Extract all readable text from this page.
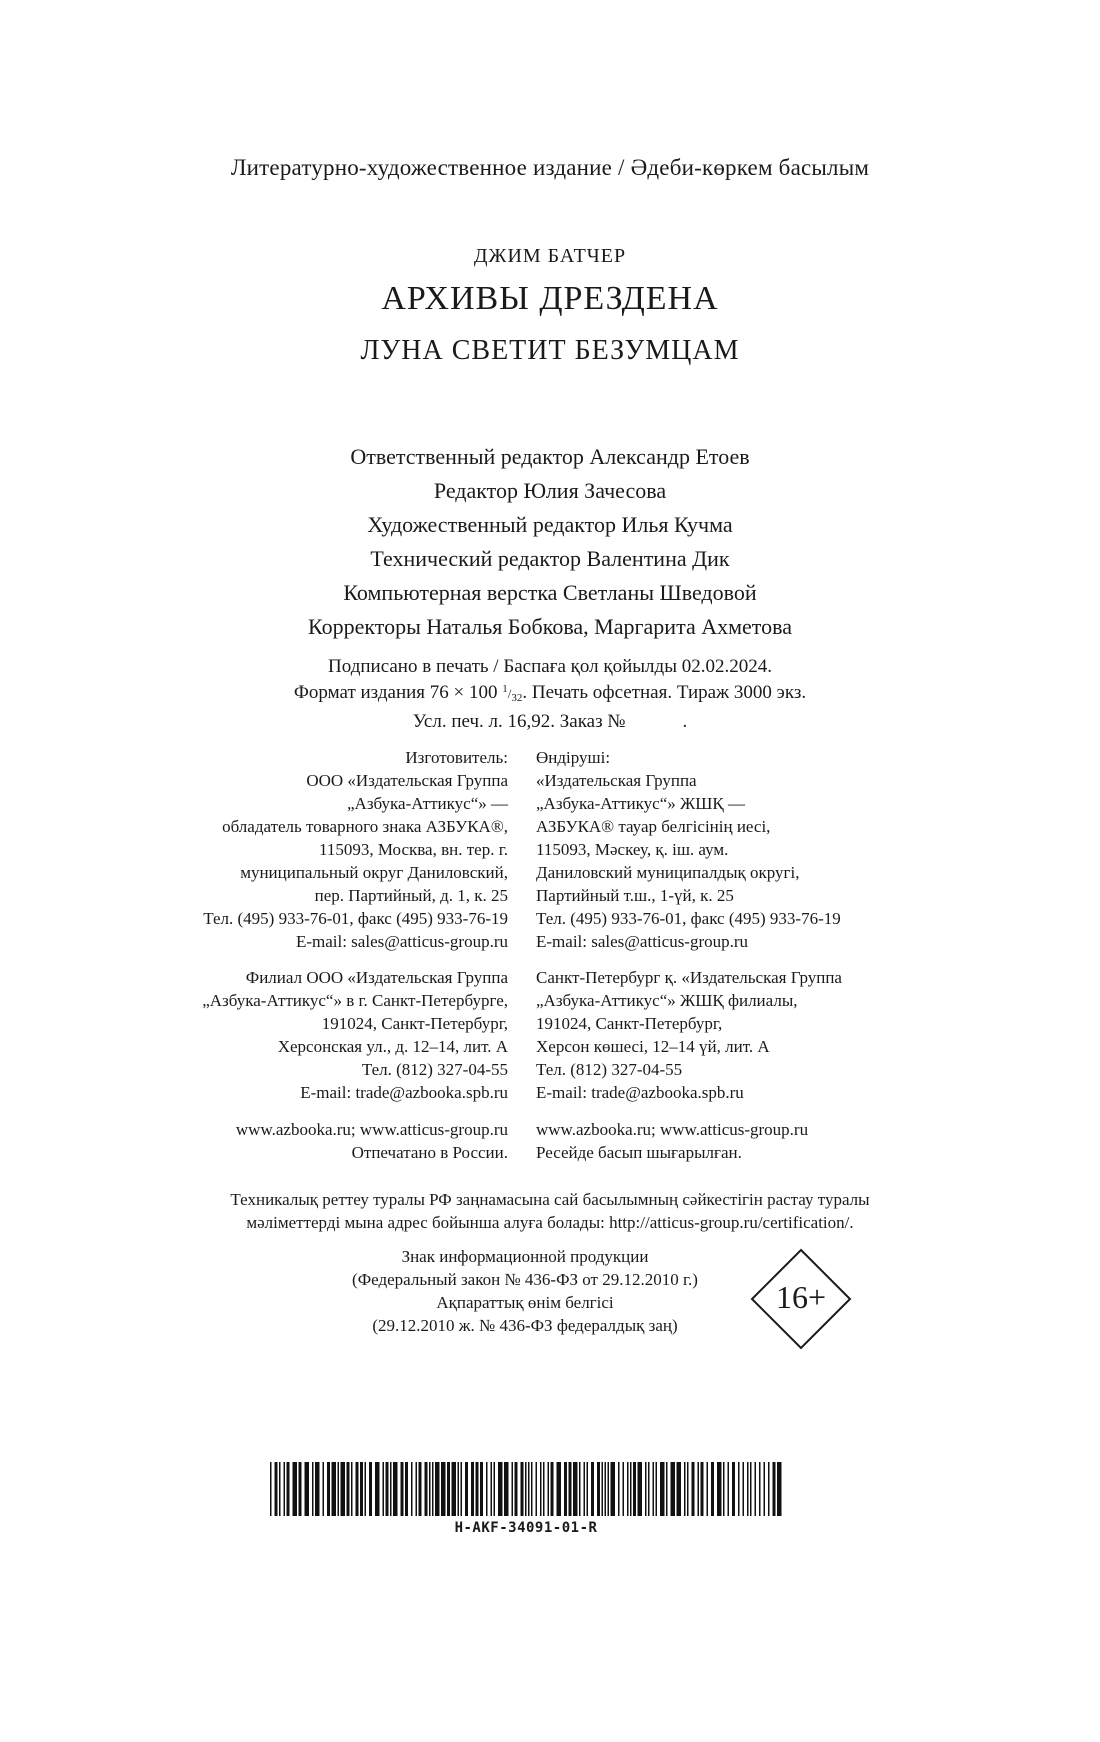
Литературно-художественное издание / Әдеби-көркем басылым
ДЖИМ БАТЧЕР
АРХИВЫ ДРЕЗДЕНА
ЛУНА СВЕТИТ БЕЗУМЦАМ
Ответственный редактор Александр Етоев
Редактор Юлия Зачесова
Художественный редактор Илья Кучма
Технический редактор Валентина Дик
Компьютерная верстка Светланы Шведовой
Корректоры Наталья Бобкова, Маргарита Ахметова
Подписано в печать / Баспаға қол қойылды 02.02.2024.
Формат издания 76 × 100 $^1/_{32}$. Печать офсетная. Тираж 3000 экз.
Усл. печ. л. 16,92. Заказ №            .
Изготовитель:
ООО «Издательская Группа
„Азбука-Аттикус“» —
обладатель товарного знака АЗБУКА®,
115093, Москва, вн. тер. г.
муниципальный округ Даниловский,
пер. Партийный, д. 1, к. 25
Тел. (495) 933-76-01, факс (495) 933-76-19
E-mail: sales@atticus-group.ru
Өндіруші:
«Издательская Группа
„Азбука-Аттикус“» ЖШҚ —
АЗБУКА® тауар белгісінің иесі,
115093, Мәскеу, қ. іш. аум.
Даниловский муниципалдық округі,
Партийный т.ш., 1-үй, к. 25
Тел. (495) 933-76-01, факс (495) 933-76-19
E-mail: sales@atticus-group.ru
Филиал ООО «Издательская Группа
„Азбука-Аттикус“» в г. Санкт-Петербурге,
191024, Санкт-Петербург,
Херсонская ул., д. 12–14, лит. А
Тел. (812) 327-04-55
E-mail: trade@azbooka.spb.ru
Санкт-Петербург қ. «Издательская Группа
„Азбука-Аттикус“» ЖШҚ филиалы,
191024, Санкт-Петербург,
Херсон көшесі, 12–14 үй, лит. А
Тел. (812) 327-04-55
E-mail: trade@azbooka.spb.ru
www.azbooka.ru; www.atticus-group.ru
Отпечатано в России.
www.azbooka.ru; www.atticus-group.ru
Ресейде басып шығарылған.
Техникалық реттеу туралы РФ заңнамасына сай басылымның сәйкестігін растау туралы
мәліметтерді мына адрес бойынша алуға болады: http://atticus-group.ru/certification/.
Знак информационной продукции
(Федеральный закон № 436-ФЗ от 29.12.2010 г.)
Ақпараттық өнім белгісі
(29.12.2010 ж. № 436-ФЗ федералдық заң)
16+
H-AKF-34091-01-R
